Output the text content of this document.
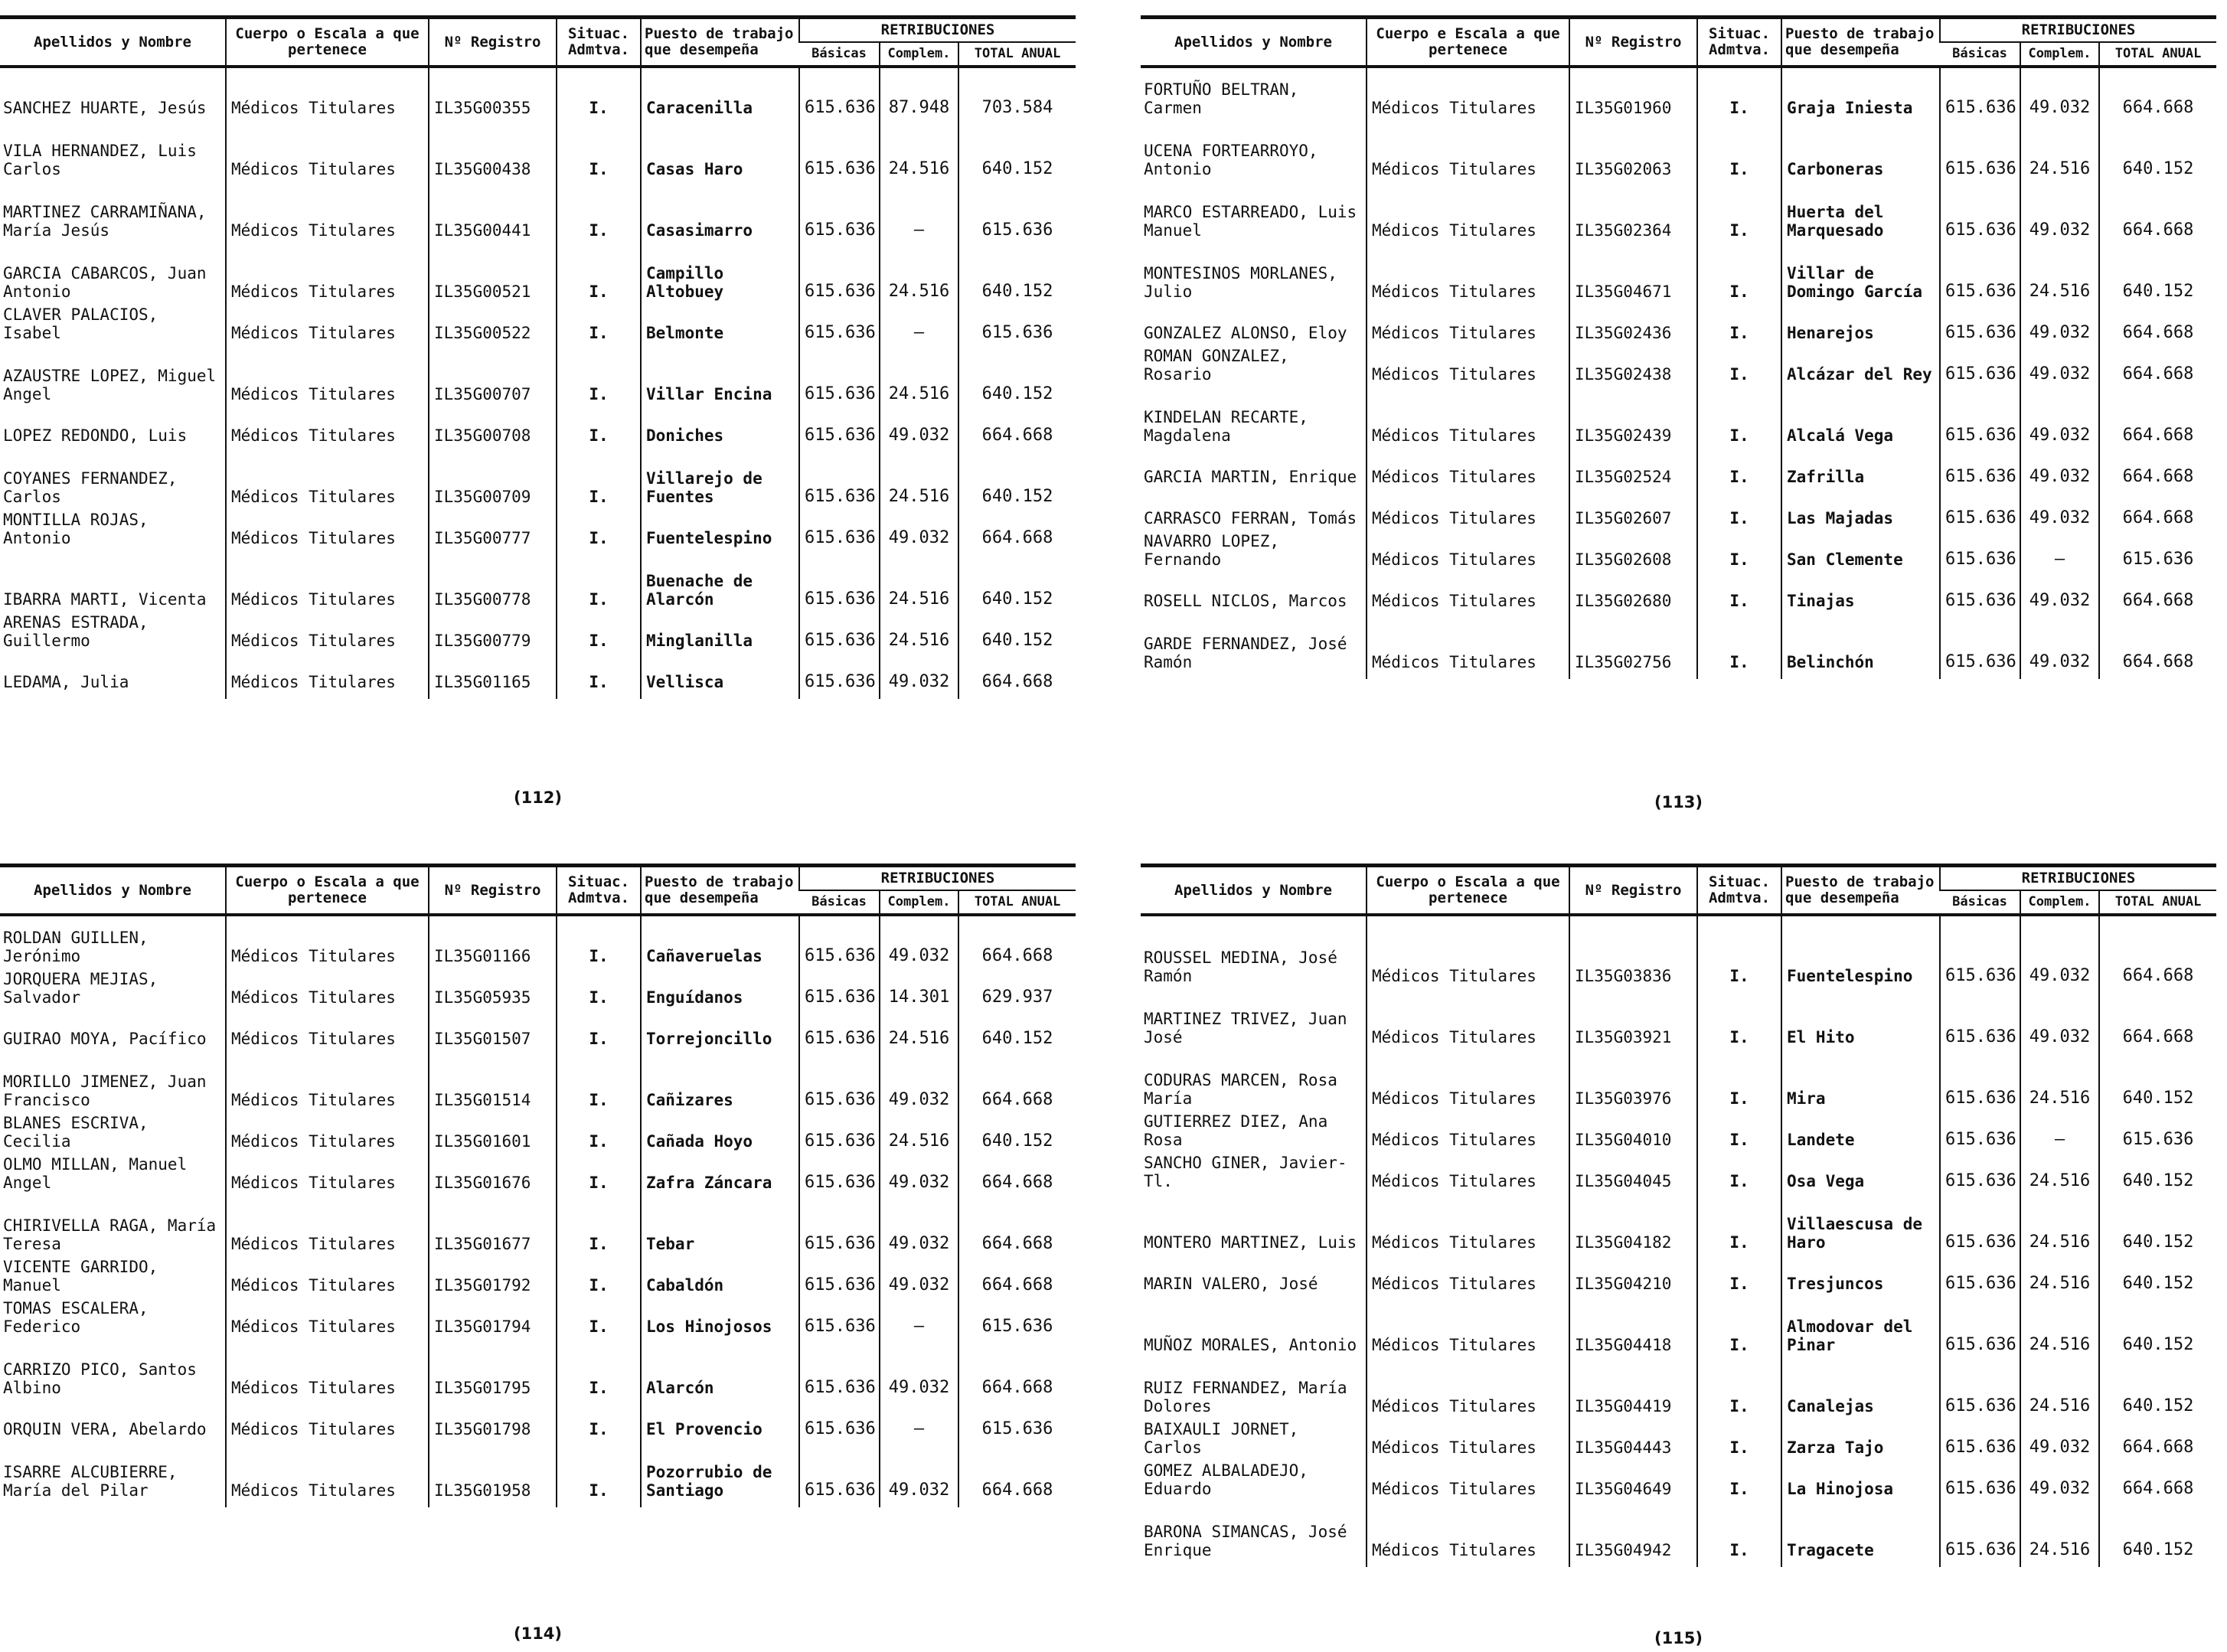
Apellidos y Nombre	Cuerpo o Escala a que pertenece	Nº Registro	Situac. Admtva.	Puesto de trabajo que desempeña	RETRIBUCIONES		
					Básicas	Complem.	TOTAL ANUAL

SANCHEZ HUARTE, Jesús	Médicos Titulares	IL35G00355	I.	Caracenilla	615.636	87.948	703.584
VILA HERNANDEZ, Luis Carlos	Médicos Titulares	IL35G00438	I.	Casas Haro	615.636	24.516	640.152
MARTINEZ CARRAMIÑANA, María Jesús	Médicos Titulares	IL35G00441	I.	Casasimarro	615.636	—	615.636
GARCIA CABARCOS, Juan Antonio	Médicos Titulares	IL35G00521	I.	Campillo Altobuey	615.636	24.516	640.152
CLAVER PALACIOS, Isabel	Médicos Titulares	IL35G00522	I.	Belmonte	615.636	—	615.636
AZAUSTRE LOPEZ, Miguel Angel	Médicos Titulares	IL35G00707	I.	Villar Encina	615.636	24.516	640.152
LOPEZ REDONDO, Luis	Médicos Titulares	IL35G00708	I.	Doniches	615.636	49.032	664.668
COYANES FERNANDEZ, Carlos	Médicos Titulares	IL35G00709	I.	Villarejo de Fuentes	615.636	24.516	640.152
MONTILLA ROJAS, Antonio	Médicos Titulares	IL35G00777	I.	Fuentelespino	615.636	49.032	664.668
IBARRA MARTI, Vicenta	Médicos Titulares	IL35G00778	I.	Buenache de Alarcón	615.636	24.516	640.152
ARENAS ESTRADA, Guillermo	Médicos Titulares	IL35G00779	I.	Minglanilla	615.636	24.516	640.152
LEDAMA, Julia	Médicos Titulares	IL35G01165	I.	Vellisca	615.636	49.032	664.668

Apellidos y Nombre	Cuerpo e Escala a que pertenece	Nº Registro	Situac. Admtva.	Puesto de trabajo que desempeña	RETRIBUCIONES		
					Básicas	Complem.	TOTAL ANUAL

FORTUÑO BELTRAN, Carmen	Médicos Titulares	IL35G01960	I.	Graja Iniesta	615.636	49.032	664.668
UCENA FORTEARROYO, Antonio	Médicos Titulares	IL35G02063	I.	Carboneras	615.636	24.516	640.152
MARCO ESTARREADO, Luis Manuel	Médicos Titulares	IL35G02364	I.	Huerta del Marquesado	615.636	49.032	664.668
MONTESINOS MORLANES, Julio	Médicos Titulares	IL35G04671	I.	Villar de Domingo García	615.636	24.516	640.152
GONZALEZ ALONSO, Eloy	Médicos Titulares	IL35G02436	I.	Henarejos	615.636	49.032	664.668
ROMAN GONZALEZ, Rosario	Médicos Titulares	IL35G02438	I.	Alcázar del Rey	615.636	49.032	664.668
KINDELAN RECARTE, Magdalena	Médicos Titulares	IL35G02439	I.	Alcalá Vega	615.636	49.032	664.668
GARCIA MARTIN, Enrique	Médicos Titulares	IL35G02524	I.	Zafrilla	615.636	49.032	664.668
CARRASCO FERRAN, Tomás	Médicos Titulares	IL35G02607	I.	Las Majadas	615.636	49.032	664.668
NAVARRO LOPEZ, Fernando	Médicos Titulares	IL35G02608	I.	San Clemente	615.636	—	615.636
ROSELL NICLOS, Marcos	Médicos Titulares	IL35G02680	I.	Tinajas	615.636	49.032	664.668
GARDE FERNANDEZ, José Ramón	Médicos Titulares	IL35G02756	I.	Belinchón	615.636	49.032	664.668

Apellidos y Nombre	Cuerpo o Escala a que pertenece	Nº Registro	Situac. Admtva.	Puesto de trabajo que desempeña	RETRIBUCIONES		
					Básicas	Complem.	TOTAL ANUAL

ROLDAN GUILLEN, Jerónimo	Médicos Titulares	IL35G01166	I.	Cañaveruelas	615.636	49.032	664.668
JORQUERA MEJIAS, Salvador	Médicos Titulares	IL35G05935	I.	Enguídanos	615.636	14.301	629.937
GUIRAO MOYA, Pacífico	Médicos Titulares	IL35G01507	I.	Torrejoncillo	615.636	24.516	640.152
MORILLO JIMENEZ, Juan Francisco	Médicos Titulares	IL35G01514	I.	Cañizares	615.636	49.032	664.668
BLANES ESCRIVA, Cecilia	Médicos Titulares	IL35G01601	I.	Cañada Hoyo	615.636	24.516	640.152
OLMO MILLAN, Manuel Angel	Médicos Titulares	IL35G01676	I.	Zafra Záncara	615.636	49.032	664.668
CHIRIVELLA RAGA, María Teresa	Médicos Titulares	IL35G01677	I.	Tebar	615.636	49.032	664.668
VICENTE GARRIDO, Manuel	Médicos Titulares	IL35G01792	I.	Cabaldón	615.636	49.032	664.668
TOMAS ESCALERA, Federico	Médicos Titulares	IL35G01794	I.	Los Hinojosos	615.636	—	615.636
CARRIZO PICO, Santos Albino	Médicos Titulares	IL35G01795	I.	Alarcón	615.636	49.032	664.668
ORQUIN VERA, Abelardo	Médicos Titulares	IL35G01798	I.	El Provencio	615.636	—	615.636
ISARRE ALCUBIERRE, María del Pilar	Médicos Titulares	IL35G01958	I.	Pozorrubio de Santiago	615.636	49.032	664.668

Apellidos y Nombre	Cuerpo o Escala a que pertenece	Nº Registro	Situac. Admtva.	Puesto de trabajo que desempeña	RETRIBUCIONES		
					Básicas	Complem.	TOTAL ANUAL

ROUSSEL MEDINA, José Ramón	Médicos Titulares	IL35G03836	I.	Fuentelespino	615.636	49.032	664.668
MARTINEZ TRIVEZ, Juan José	Médicos Titulares	IL35G03921	I.	El Hito	615.636	49.032	664.668
CODURAS MARCEN, Rosa María	Médicos Titulares	IL35G03976	I.	Mira	615.636	24.516	640.152
GUTIERREZ DIEZ, Ana Rosa	Médicos Titulares	IL35G04010	I.	Landete	615.636	—	615.636
SANCHO GINER, Javier-Tl.	Médicos Titulares	IL35G04045	I.	Osa Vega	615.636	24.516	640.152
MONTERO MARTINEZ, Luis	Médicos Titulares	IL35G04182	I.	Villaescusa de Haro	615.636	24.516	640.152
MARIN VALERO, José	Médicos Titulares	IL35G04210	I.	Tresjuncos	615.636	24.516	640.152
MUÑOZ MORALES, Antonio	Médicos Titulares	IL35G04418	I.	Almodovar del Pinar	615.636	24.516	640.152
RUIZ FERNANDEZ, María Dolores	Médicos Titulares	IL35G04419	I.	Canalejas	615.636	24.516	640.152
BAIXAULI JORNET, Carlos	Médicos Titulares	IL35G04443	I.	Zarza Tajo	615.636	49.032	664.668
GOMEZ ALBALADEJO, Eduardo	Médicos Titulares	IL35G04649	I.	La Hinojosa	615.636	49.032	664.668
BARONA SIMANCAS, José Enrique	Médicos Titulares	IL35G04942	I.	Tragacete	615.636	24.516	640.152

(112)	(113)
(114)	(115)
